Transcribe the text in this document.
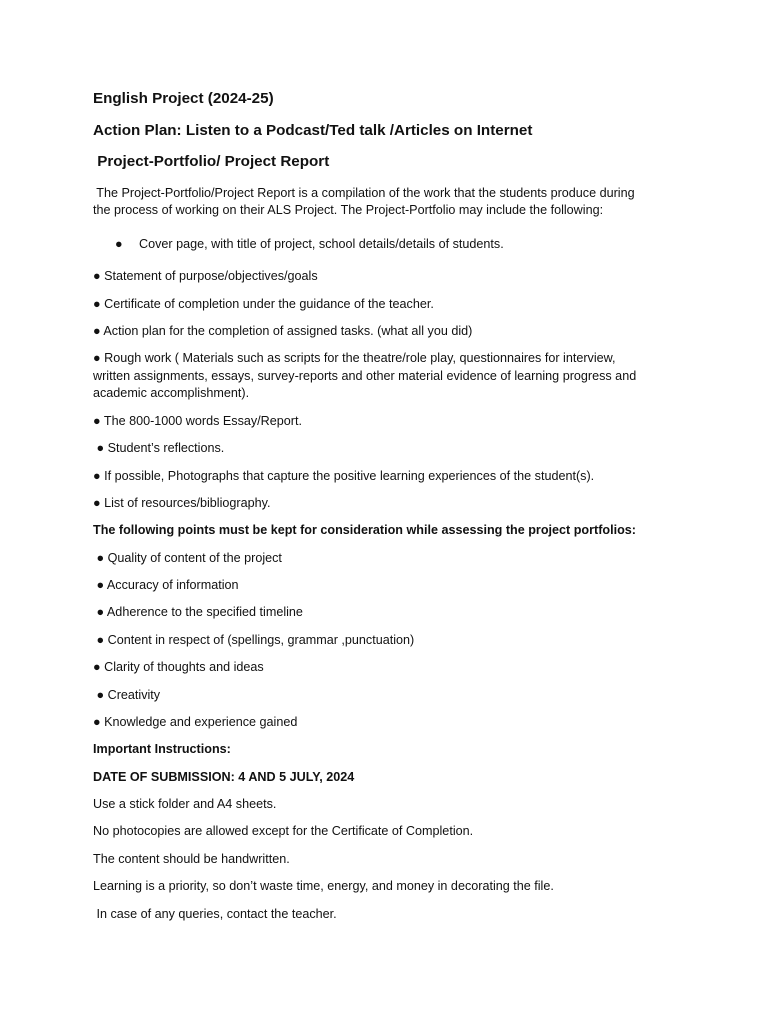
English Project (2024-25)
Action Plan: Listen to a Podcast/Ted talk /Articles on Internet
Project-Portfolio/ Project Report
The Project-Portfolio/Project Report is a compilation of the work that the students produce during
the process of working on their ALS Project. The Project-Portfolio may include the following:
● Cover page, with title of project, school details/details of students.
● Statement of purpose/objectives/goals
● Certificate of completion under the guidance of the teacher.
● Action plan for the completion of assigned tasks. (what all you did)
● Rough work ( Materials such as scripts for the theatre/role play, questionnaires for interview,
written assignments, essays, survey-reports and other material evidence of learning progress and
academic accomplishment).
● The 800-1000 words Essay/Report.
● Student’s reflections.
● If possible, Photographs that capture the positive learning experiences of the student(s).
● List of resources/bibliography.
The following points must be kept for consideration while assessing the project portfolios:
● Quality of content of the project
● Accuracy of information
● Adherence to the specified timeline
● Content in respect of (spellings, grammar ,punctuation)
● Clarity of thoughts and ideas
● Creativity
● Knowledge and experience gained
Important Instructions:
DATE OF SUBMISSION: 4 AND 5 JULY, 2024
Use a stick folder and A4 sheets.
No photocopies are allowed except for the Certificate of Completion.
The content should be handwritten.
Learning is a priority, so don’t waste time, energy, and money in decorating the file.
In case of any queries, contact the teacher.
